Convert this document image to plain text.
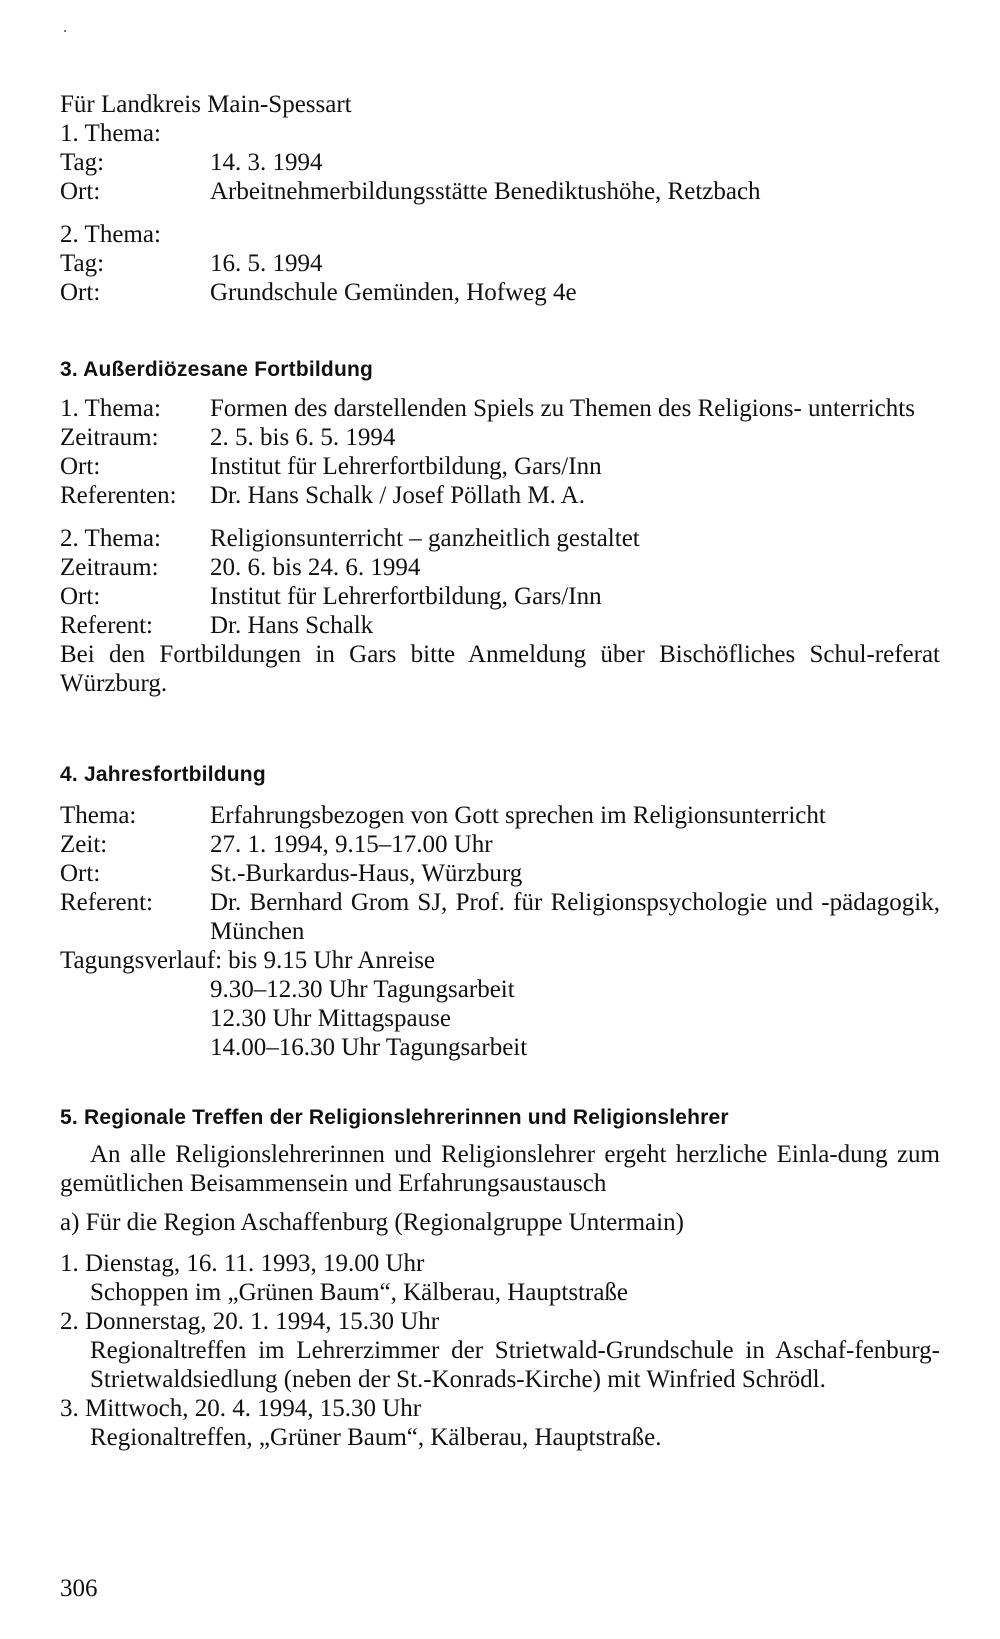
Für Landkreis Main-Spessart
1. Thema:
Tag:	14. 3. 1994
Ort:	Arbeitnehmerbildungsstätte Benediktushöhe, Retzbach
2. Thema:
Tag:	16. 5. 1994
Ort:	Grundschule Gemünden, Hofweg 4e
3. Außerdiözesane Fortbildung
1. Thema:	Formen des darstellenden Spiels zu Themen des Religions- unterrichts
Zeitraum:	2. 5. bis 6. 5. 1994
Ort:	Institut für Lehrerfortbildung, Gars/Inn
Referenten:	Dr. Hans Schalk / Josef Pöllath M. A.
2. Thema:	Religionsunterricht – ganzheitlich gestaltet
Zeitraum:	20. 6. bis 24. 6. 1994
Ort:	Institut für Lehrerfortbildung, Gars/Inn
Referent:	Dr. Hans Schalk
Bei den Fortbildungen in Gars bitte Anmeldung über Bischöfliches Schul-referat Würzburg.
4. Jahresfortbildung
Thema:	Erfahrungsbezogen von Gott sprechen im Religionsunterricht
Zeit:	27. 1. 1994, 9.15–17.00 Uhr
Ort:	St.-Burkardus-Haus, Würzburg
Referent:	Dr. Bernhard Grom SJ, Prof. für Religionspsychologie und -pädagogik, München
Tagungsverlauf: bis 9.15 Uhr Anreise
9.30–12.30 Uhr Tagungsarbeit
12.30 Uhr Mittagspause
14.00–16.30 Uhr Tagungsarbeit
5. Regionale Treffen der Religionslehrerinnen und Religionslehrer
An alle Religionslehrerinnen und Religionslehrer ergeht herzliche Einla-dung zum gemütlichen Beisammensein und Erfahrungsaustausch
a) Für die Region Aschaffenburg (Regionalgruppe Untermain)
1. Dienstag, 16. 11. 1993, 19.00 Uhr
Schoppen im „Grünen Baum“, Kälberau, Hauptstraße
2. Donnerstag, 20. 1. 1994, 15.30 Uhr
Regionaltreffen im Lehrerzimmer der Strietwald-Grundschule in Aschaf-fenburg-Strietwaldsiedlung (neben der St.-Konrads-Kirche) mit Winfried Schrödl.
3. Mittwoch, 20. 4. 1994, 15.30 Uhr
Regionaltreffen, „Grüner Baum“, Kälberau, Hauptstraße.
306
